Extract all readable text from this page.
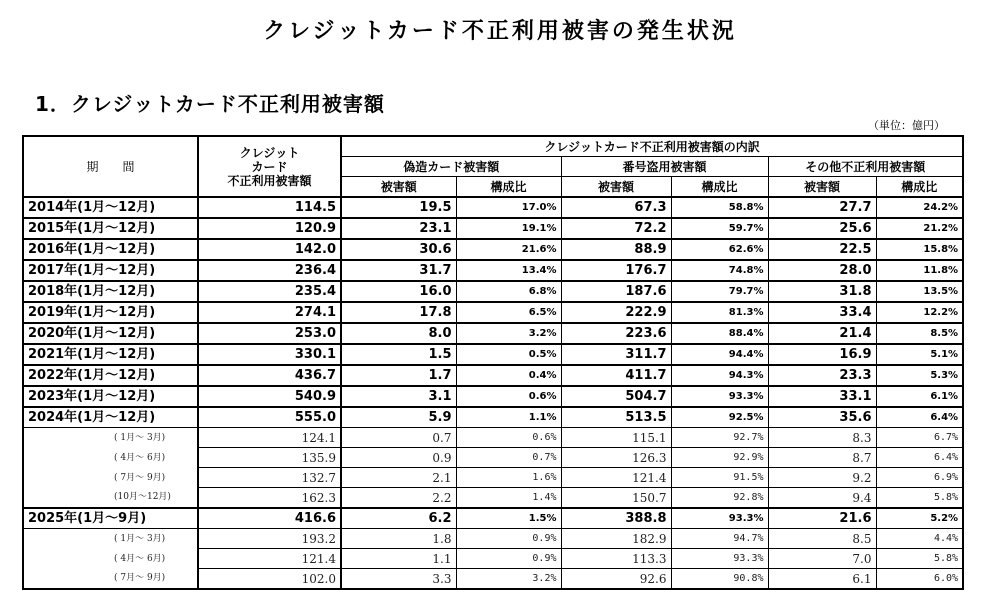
クレジットカード不正利用被害の発生状況
1．クレジットカード不正利用被害額
（単位：億円）
期　　間	クレジット
カード
不正利用被害額	クレジットカード不正利用被害額の内訳					
		偽造カード被害額		番号盗用被害額		その他不正利用被害額	
		被害額	構成比	被害額	構成比	被害額	構成比
2014年(1月～12月)	114.5	19.5	17.0%	67.3	58.8%	27.7	24.2%
2015年(1月～12月)	120.9	23.1	19.1%	72.2	59.7%	25.6	21.2%
2016年(1月～12月)	142.0	30.6	21.6%	88.9	62.6%	22.5	15.8%
2017年(1月～12月)	236.4	31.7	13.4%	176.7	74.8%	28.0	11.8%
2018年(1月～12月)	235.4	16.0	6.8%	187.6	79.7%	31.8	13.5%
2019年(1月～12月)	274.1	17.8	6.5%	222.9	81.3%	33.4	12.2%
2020年(1月～12月)	253.0	8.0	3.2%	223.6	88.4%	21.4	8.5%
2021年(1月～12月)	330.1	1.5	0.5%	311.7	94.4%	16.9	5.1%
2022年(1月～12月)	436.7	1.7	0.4%	411.7	94.3%	23.3	5.3%
2023年(1月～12月)	540.9	3.1	0.6%	504.7	93.3%	33.1	6.1%
2024年(1月～12月)	555.0	5.9	1.1%	513.5	92.5%	35.6	6.4%
( 1月～ 3月)	124.1	0.7	0.6%	115.1	92.7%	8.3	6.7%
( 4月～ 6月)	135.9	0.9	0.7%	126.3	92.9%	8.7	6.4%
( 7月～ 9月)	132.7	2.1	1.6%	121.4	91.5%	9.2	6.9%
(10月～12月)	162.3	2.2	1.4%	150.7	92.8%	9.4	5.8%
2025年(1月～9月)	416.6	6.2	1.5%	388.8	93.3%	21.6	5.2%
( 1月～ 3月)	193.2	1.8	0.9%	182.9	94.7%	8.5	4.4%
( 4月～ 6月)	121.4	1.1	0.9%	113.3	93.3%	7.0	5.8%
( 7月～ 9月)	102.0	3.3	3.2%	92.6	90.8%	6.1	6.0%
